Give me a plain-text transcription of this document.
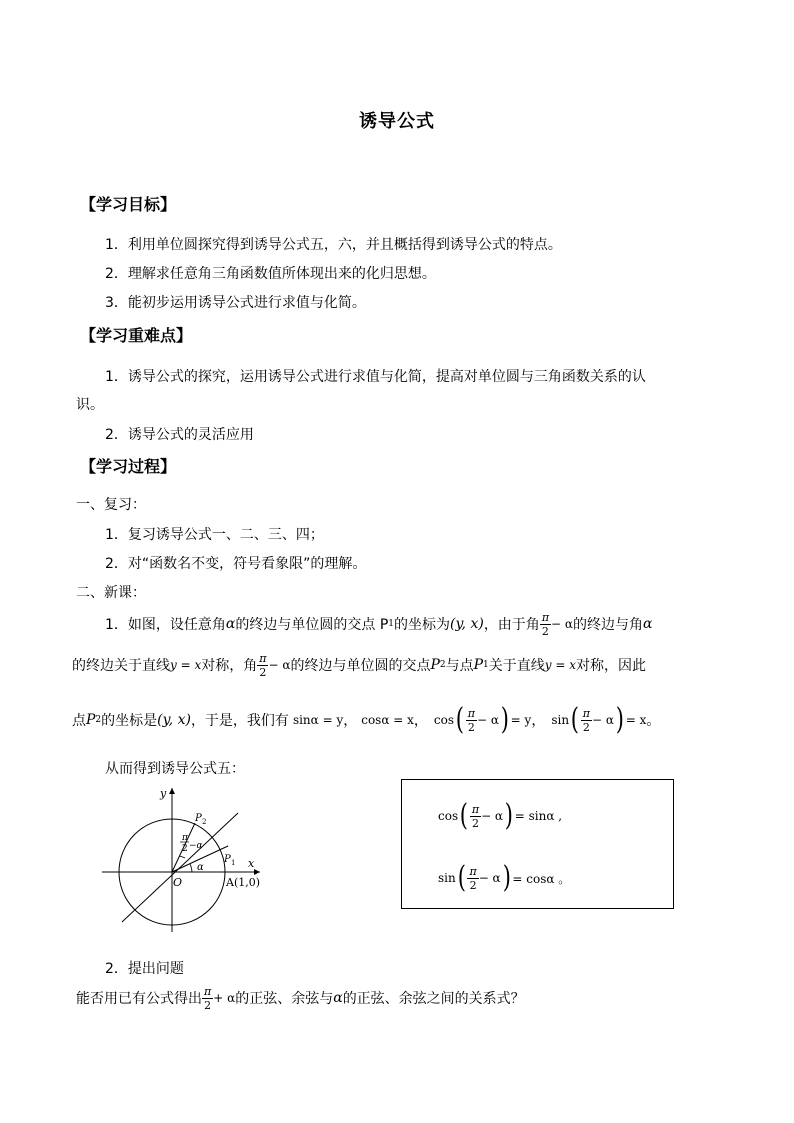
诱导公式
【学习目标】
1．利用单位圆探究得到诱导公式五，六，并且概括得到诱导公式的特点。
2．理解求任意角三角函数值所体现出来的化归思想。
3．能初步运用诱导公式进行求值与化简。
【学习重难点】
1．诱导公式的探究，运用诱导公式进行求值与化简，提高对单位圆与三角函数关系的认
识。
2．诱导公式的灵活应用
【学习过程】
一、复习：
1．复习诱导公式一、二、三、四；
2．对“函数名不变，符号看象限”的理解。
二、新课：
1．如图，设任意角 α 的终边与单位圆的交点 P 1 的坐标为 (y, x) ，由于角 $\frac{\pi}{2} - \alpha$ 的终边与角 α
的终边关于直线 y = x 对称，角 $\frac{\pi}{2} - \alpha$ 的终边与单位圆的交点 P 2 与点 P 1 关于直线 y = x 对称，因此
点 P 2 的坐标是 (y, x) ，于是，我们有 sinα = y ， cosα = x ， cos ( $\frac{\pi}{2} - \alpha$ ) = y ， sin ( $\frac{\pi}{2} - \alpha$ ) = x 。
从而得到诱导公式五：
y
x
O	A(1,0)
P 1
P 2
α
π
2 −α
cos ( $\frac{\pi}{2} - \alpha$ ) = sinα ,
sin ( $\frac{\pi}{2} - \alpha$ ) = cosα 。
2．提出问题
能否用已有公式得出 $\frac{\pi}{2} + \alpha$ 的正弦、余弦与 α 的正弦、余弦之间的关系式？
